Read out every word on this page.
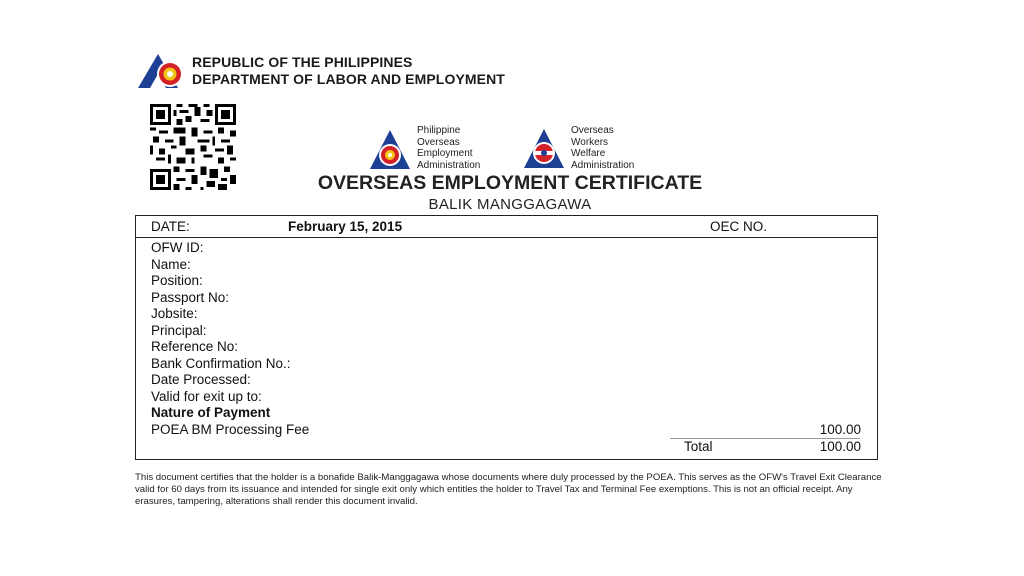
REPUBLIC OF THE PHILIPPINES
DEPARTMENT OF LABOR AND EMPLOYMENT
Philippine
Overseas
Employment
Administration
Overseas
Workers
Welfare
Administration
OVERSEAS EMPLOYMENT CERTIFICATE
BALIK MANGGAGAWA
DATE:	February 15, 2015	OEC NO.
OFW ID:
Name:
Position:
Passport No:
Jobsite:
Principal:
Reference No:
Bank Confirmation No.:
Date Processed:
Valid for exit up to:
Nature of Payment
POEA BM Processing Fee	100.00
Total	100.00
This document certifies that the holder is a bonafide Balik-Manggagawa whose documents where duly processed by the POEA. This serves as the OFW's Travel Exit Clearance valid for 60 days from its issuance and intended for single exit only which entitles the holder to Travel Tax and Terminal Fee exemptions. This is not an official receipt. Any erasures, tampering, alterations shall render this document invalid.
